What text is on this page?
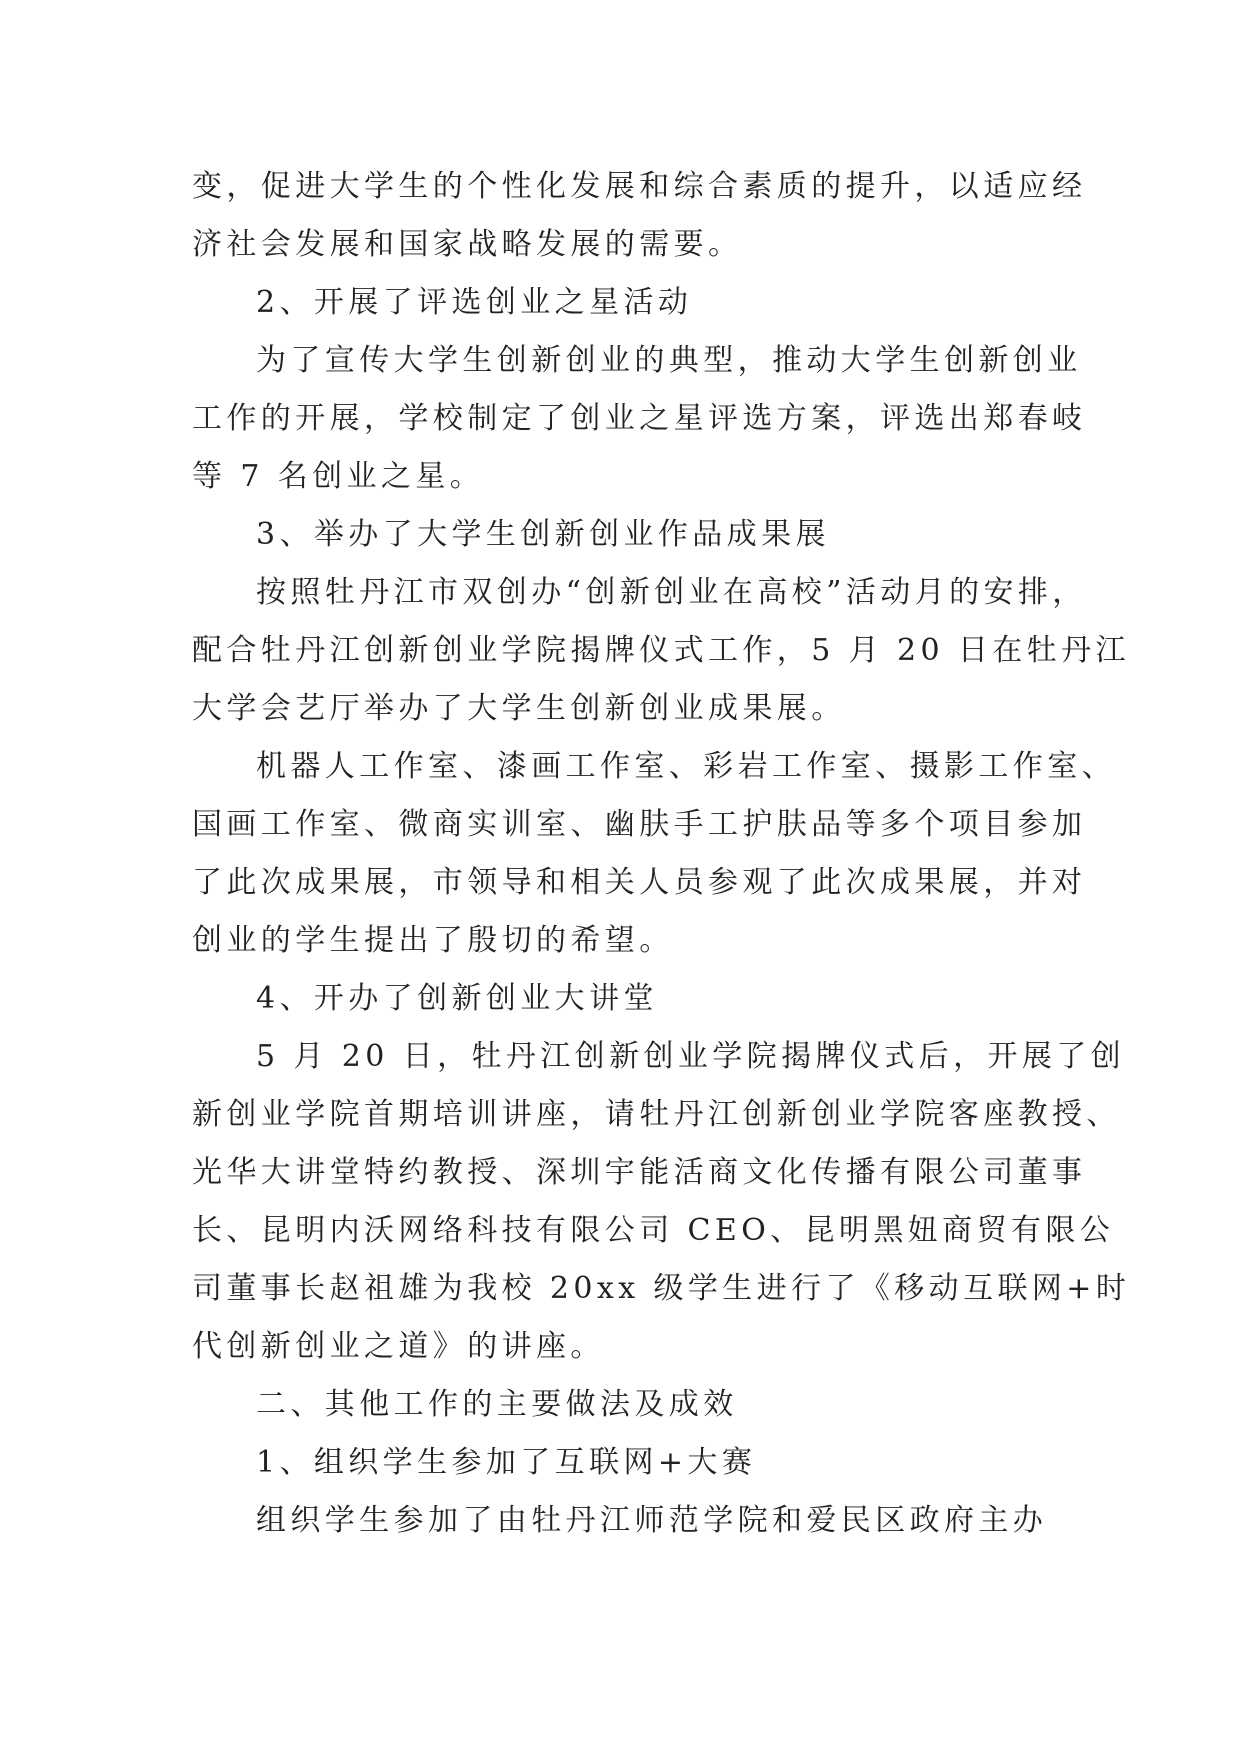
变，促进大学生的个性化发展和综合素质的提升，以适应经
济社会发展和国家战略发展的需要。
2、开展了评选创业之星活动
为了宣传大学生创新创业的典型，推动大学生创新创业
工作的开展，学校制定了创业之星评选方案，评选出郑春岐
等 7 名创业之星。
3、举办了大学生创新创业作品成果展
按照牡丹江市双创办“创新创业在高校”活动月的安排，
配合牡丹江创新创业学院揭牌仪式工作，5 月 20 日在牡丹江
大学会艺厅举办了大学生创新创业成果展。
机器人工作室、漆画工作室、彩岩工作室、摄影工作室、
国画工作室、微商实训室、幽肤手工护肤品等多个项目参加
了此次成果展，市领导和相关人员参观了此次成果展，并对
创业的学生提出了殷切的希望。
4、开办了创新创业大讲堂
5 月 20 日，牡丹江创新创业学院揭牌仪式后，开展了创
新创业学院首期培训讲座，请牡丹江创新创业学院客座教授、
光华大讲堂特约教授、深圳宇能活商文化传播有限公司董事
长、昆明内沃网络科技有限公司 CEO、昆明黑妞商贸有限公
司董事长赵祖雄为我校 20xx 级学生进行了《移动互联网+时
代创新创业之道》的讲座。
二、其他工作的主要做法及成效
1、组织学生参加了互联网+大赛
组织学生参加了由牡丹江师范学院和爱民区政府主办
